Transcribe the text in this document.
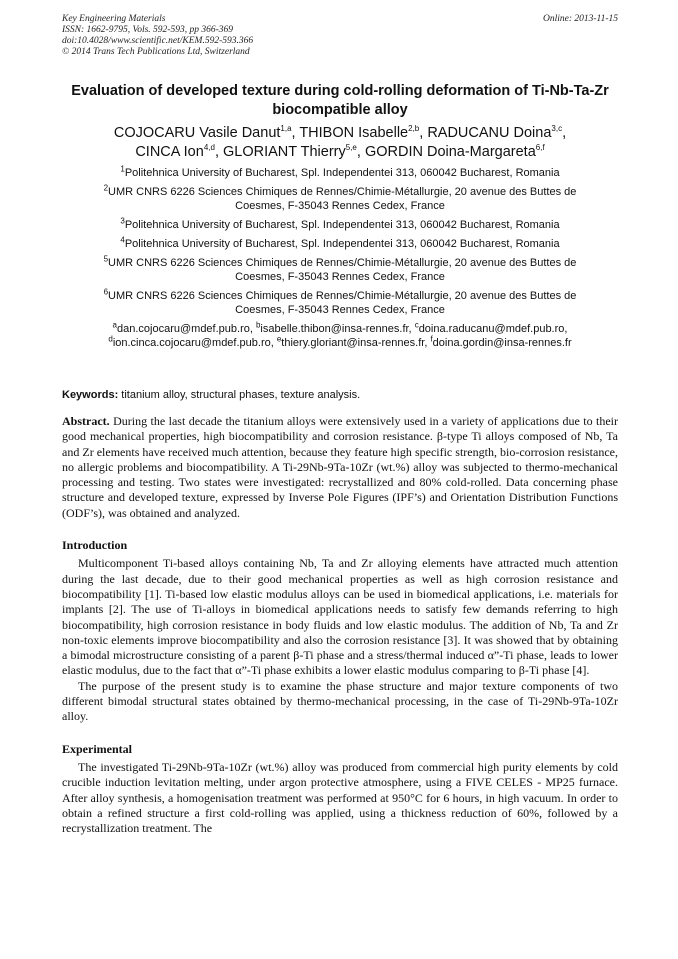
Key Engineering Materials
ISSN: 1662-9795, Vols. 592-593, pp 366-369
doi:10.4028/www.scientific.net/KEM.592-593.366
© 2014 Trans Tech Publications Ltd, Switzerland
Online: 2013-11-15
Evaluation of developed texture during cold-rolling deformation of Ti-Nb-Ta-Zr biocompatible alloy
COJOCARU Vasile Danut$^{1,a}$, THIBON Isabelle$^{2,b}$, RADUCANU Doina$^{3,c}$,
CINCA Ion$^{4,d}$, GLORIANT Thierry$^{5,e}$, GORDIN Doina-Margareta$^{6,f}$
$^1$Politehnica University of Bucharest, Spl. Independentei 313, 060042 Bucharest, Romania
$^2$UMR CNRS 6226 Sciences Chimiques de Rennes/Chimie-Métallurgie, 20 avenue des Buttes de
Coesmes, F-35043 Rennes Cedex, France
$^3$Politehnica University of Bucharest, Spl. Independentei 313, 060042 Bucharest, Romania
$^4$Politehnica University of Bucharest, Spl. Independentei 313, 060042 Bucharest, Romania
$^5$UMR CNRS 6226 Sciences Chimiques de Rennes/Chimie-Métallurgie, 20 avenue des Buttes de
Coesmes, F-35043 Rennes Cedex, France
$^6$UMR CNRS 6226 Sciences Chimiques de Rennes/Chimie-Métallurgie, 20 avenue des Buttes de
Coesmes, F-35043 Rennes Cedex, France
$^a$dan.cojocaru@mdef.pub.ro, $^b$isabelle.thibon@insa-rennes.fr, $^c$doina.raducanu@mdef.pub.ro,
$^d$ion.cinca.cojocaru@mdef.pub.ro, $^e$thiery.gloriant@insa-rennes.fr, $^f$doina.gordin@insa-rennes.fr
Keywords: titanium alloy, structural phases, texture analysis.

Abstract. During the last decade the titanium alloys were extensively used in a variety of applications due to their good mechanical properties, high biocompatibility and corrosion resistance. β-type Ti alloys composed of Nb, Ta and Zr elements have received much attention, because they feature high specific strength, bio-corrosion resistance, no allergic problems and biocompatibility. A Ti-29Nb-9Ta-10Zr (wt.%) alloy was subjected to thermo-mechanical processing and testing. Two states were investigated: recrystallized and 80% cold-rolled. Data concerning phase structure and developed texture, expressed by Inverse Pole Figures (IPF’s) and Orientation Distribution Functions (ODF’s), was obtained and analyzed.

Introduction

Multicomponent Ti-based alloys containing Nb, Ta and Zr alloying elements have attracted much attention during the last decade, due to their good mechanical properties as well as high corrosion resistance and biocompatibility [1]. Ti-based low elastic modulus alloys can be used in biomedical applications, i.e. materials for implants [2]. The use of Ti-alloys in biomedical applications needs to satisfy few demands referring to high biocompatibility, high corrosion resistance in body fluids and low elastic modulus. The addition of Nb, Ta and Zr non-toxic elements improve biocompatibility and also the corrosion resistance [3]. It was showed that by obtaining a bimodal microstructure consisting of a parent β-Ti phase and a stress/thermal induced α”-Ti phase, leads to lower elastic modulus, due to the fact that α”-Ti phase exhibits a lower elastic modulus comparing to β-Ti phase [4].

The purpose of the present study is to examine the phase structure and major texture components of two different bimodal structural states obtained by thermo-mechanical processing, in the case of Ti-29Nb-9Ta-10Zr alloy.

Experimental

The investigated Ti-29Nb-9Ta-10Zr (wt.%) alloy was produced from commercial high purity elements by cold crucible induction levitation melting, under argon protective atmosphere, using a FIVE CELES - MP25 furnace. After alloy synthesis, a homogenisation treatment was performed at 950°C for 6 hours, in high vacuum. In order to obtain a refined structure a first cold-rolling was applied, using a thickness reduction of 60%, followed by a recrystallization treatment. The
